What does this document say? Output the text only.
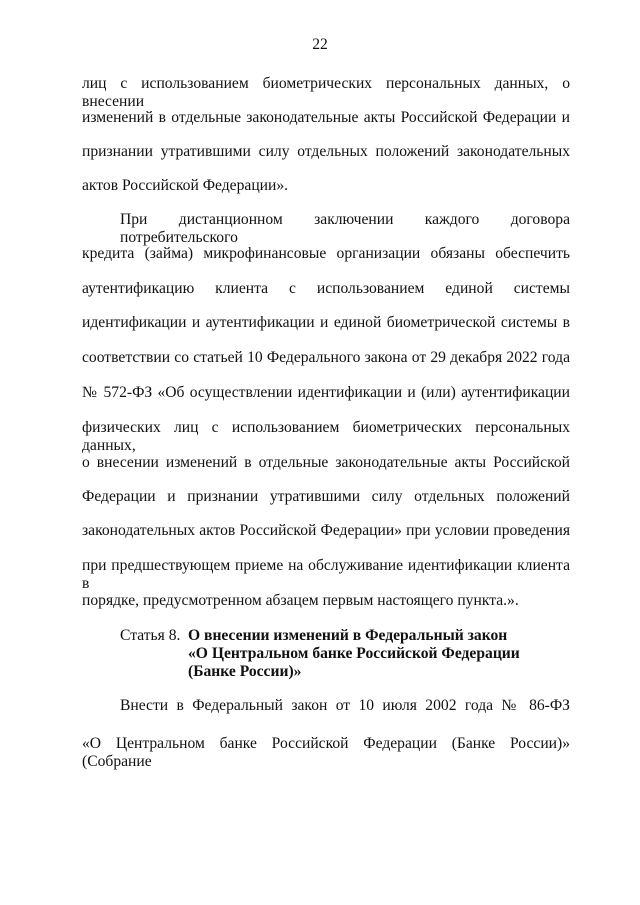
22
лиц с использованием биометрических персональных данных, о внесении
изменений в отдельные законодательные акты Российской Федерации и
признании утратившими силу отдельных положений законодательных
актов Российской Федерации».
При дистанционном заключении каждого договора потребительского
кредита (займа) микрофинансовые организации обязаны обеспечить
аутентификацию клиента с использованием единой системы
идентификации и аутентификации и единой биометрической системы в
соответствии со статьей 10 Федерального закона от 29 декабря 2022 года
№ 572-ФЗ «Об осуществлении идентификации и (или) аутентификации
физических лиц с использованием биометрических персональных данных,
о внесении изменений в отдельные законодательные акты Российской
Федерации и признании утратившими силу отдельных положений
законодательных актов Российской Федерации» при условии проведения
при предшествующем приеме на обслуживание идентификации клиента в
порядке, предусмотренном абзацем первым настоящего пункта.».
Статья 8. О внесении изменений в Федеральный закон
«О Центральном банке Российской Федерации
(Банке России)»
Внести в Федеральный закон от 10 июля 2002 года № 86-ФЗ
«О Центральном банке Российской Федерации (Банке России)» (Собрание
